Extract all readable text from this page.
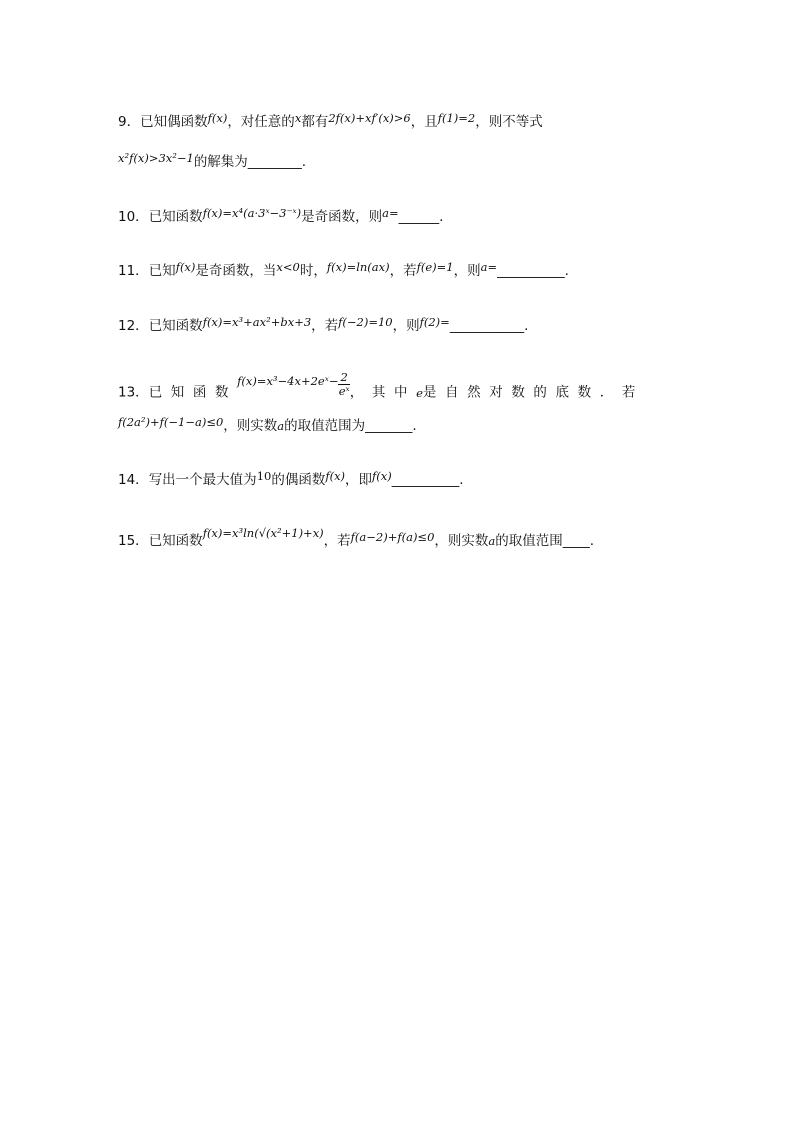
9．已知偶函数f(x)，对任意的x都有2f(x)+xf′(x)>6，且f(1)=2，则不等式
x²f(x)>3x²−1的解集为________.
10．已知函数f(x)=x⁴(a·3ˣ−3⁻ˣ)是奇函数，则a=______.
11．已知f(x)是奇函数，当x<0时，f(x)=ln(ax)，若f(e)=1，则a=__________.
12．已知函数f(x)=x³+ax²+bx+3，若f(−2)=10，则f(2)=___________.
13．已知函数f(x)=x³−4x+2eˣ− $\frac{2}{\text{eˣ}}$ ，其中e是自然对数的底数．若
f(2a²)+f(−1−a)≤0，则实数a的取值范围为_______.
14．写出一个最大值为10的偶函数f(x)，即f(x)__________.
15．已知函数f(x)=x³ln(√(x²+1)+x)，若f(a−2)+f(a)≤0，则实数a的取值范围____.
